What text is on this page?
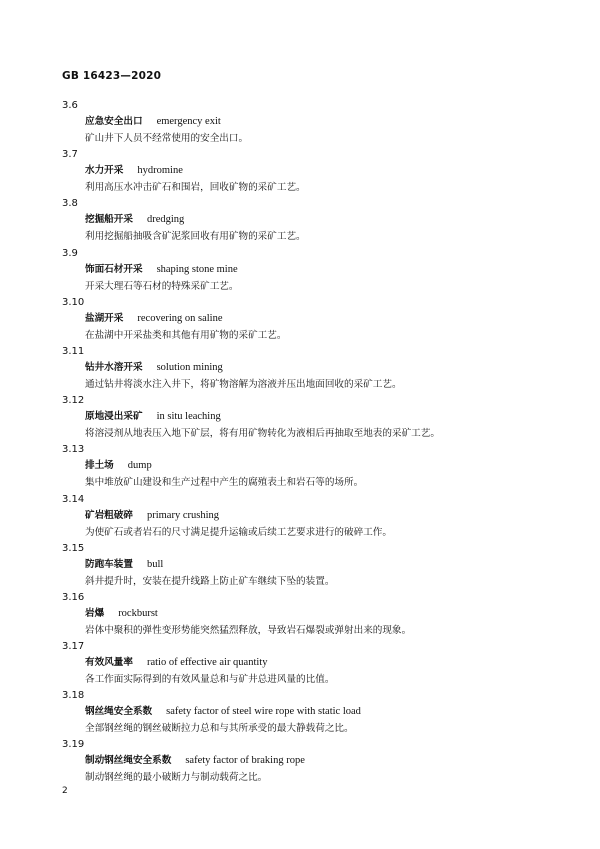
GB 16423—2020
3.6
应急安全出口 emergency exit
矿山井下人员不经常使用的安全出口。
3.7
水力开采 hydromine
利用高压水冲击矿石和围岩，回收矿物的采矿工艺。
3.8
挖掘船开采 dredging
利用挖掘船抽吸含矿泥浆回收有用矿物的采矿工艺。
3.9
饰面石材开采 shaping stone mine
开采大理石等石材的特殊采矿工艺。
3.10
盐湖开采 recovering on saline
在盐湖中开采盐类和其他有用矿物的采矿工艺。
3.11
钻井水溶开采 solution mining
通过钻井将淡水注入井下，将矿物溶解为溶液并压出地面回收的采矿工艺。
3.12
原地浸出采矿 in situ leaching
将溶浸剂从地表压入地下矿层，将有用矿物转化为液相后再抽取至地表的采矿工艺。
3.13
排土场 dump
集中堆放矿山建设和生产过程中产生的腐殖表土和岩石等的场所。
3.14
矿岩粗破碎 primary crushing
为使矿石或者岩石的尺寸满足提升运输或后续工艺要求进行的破碎工作。
3.15
防跑车装置 bull
斜井提升时，安装在提升线路上防止矿车继续下坠的装置。
3.16
岩爆 rockburst
岩体中聚积的弹性变形势能突然猛烈释放，导致岩石爆裂或弹射出来的现象。
3.17
有效风量率 ratio of effective air quantity
各工作面实际得到的有效风量总和与矿井总进风量的比值。
3.18
钢丝绳安全系数 safety factor of steel wire rope with static load
全部钢丝绳的钢丝破断拉力总和与其所承受的最大静载荷之比。
3.19
制动钢丝绳安全系数 safety factor of braking rope
制动钢丝绳的最小破断力与制动载荷之比。
2
